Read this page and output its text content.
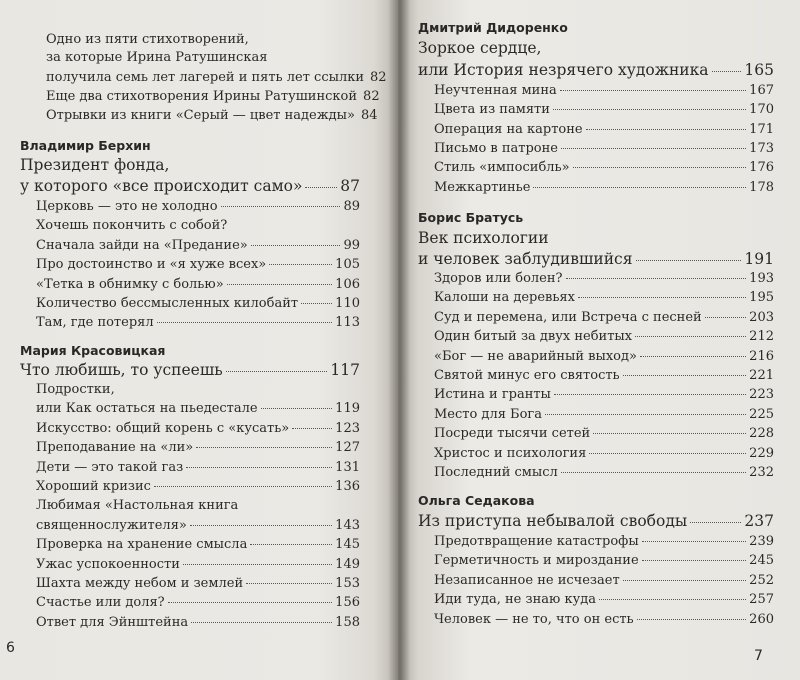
Одно из пяти стихотворений,
за которые Ирина Ратушинская
получила семь лет лагерей и пять лет ссылки 82
Еще два стихотворения Ирины Ратушинской 82
Отрывки из книги «Серый — цвет надежды» 84
Владимир Берхин
Президент фонда,
у которого «все происходит само» 87
Церковь — это не холодно	89
Хочешь покончить с собой?
Сначала зайди на «Предание»	99
Про достоинство и «я хуже всех»	105
«Тетка в обнимку с болью»	106
Количество бессмысленных килобайт	110
Там, где потерял	113
Мария Красовицкая
Что любишь, то успеешь	117
Подростки,
или Как остаться на пьедестале	119
Искусство: общий корень с «кусать»	123
Преподавание на «ли»	127
Дети — это такой газ	131
Хороший кризис	136
Любимая «Настольная книга
священнослужителя»	143
Проверка на хранение смысла	145
Ужас успокоенности	149
Шахта между небом и землей	153
Счастье или доля?	156
Ответ для Эйнштейна	158
6
Дмитрий Дидоренко
Зоркое сердце,
или История незрячего художника 165
Неучтенная мина	167
Цвета из памяти	170
Операция на картоне	171
Письмо в патроне	173
Стиль «импосибль»	176
Межкартинье	178
Борис Братусь
Век психологии
и человек заблудившийся	191
Здоров или болен?	193
Калоши на деревьях	195
Суд и перемена, или Встреча с песней	203
Один битый за двух небитых	212
«Бог — не аварийный выход»	216
Святой минус его святость	221
Истина и гранты	223
Место для Бога	225
Посреди тысячи сетей	228
Христос и психология	229
Последний смысл	232
Ольга Седакова
Из приступа небывалой свободы	237
Предотвращение катастрофы	239
Герметичность и мироздание	245
Незаписанное не исчезает	252
Иди туда, не знаю куда	257
Человек — не то, что он есть	260
7
